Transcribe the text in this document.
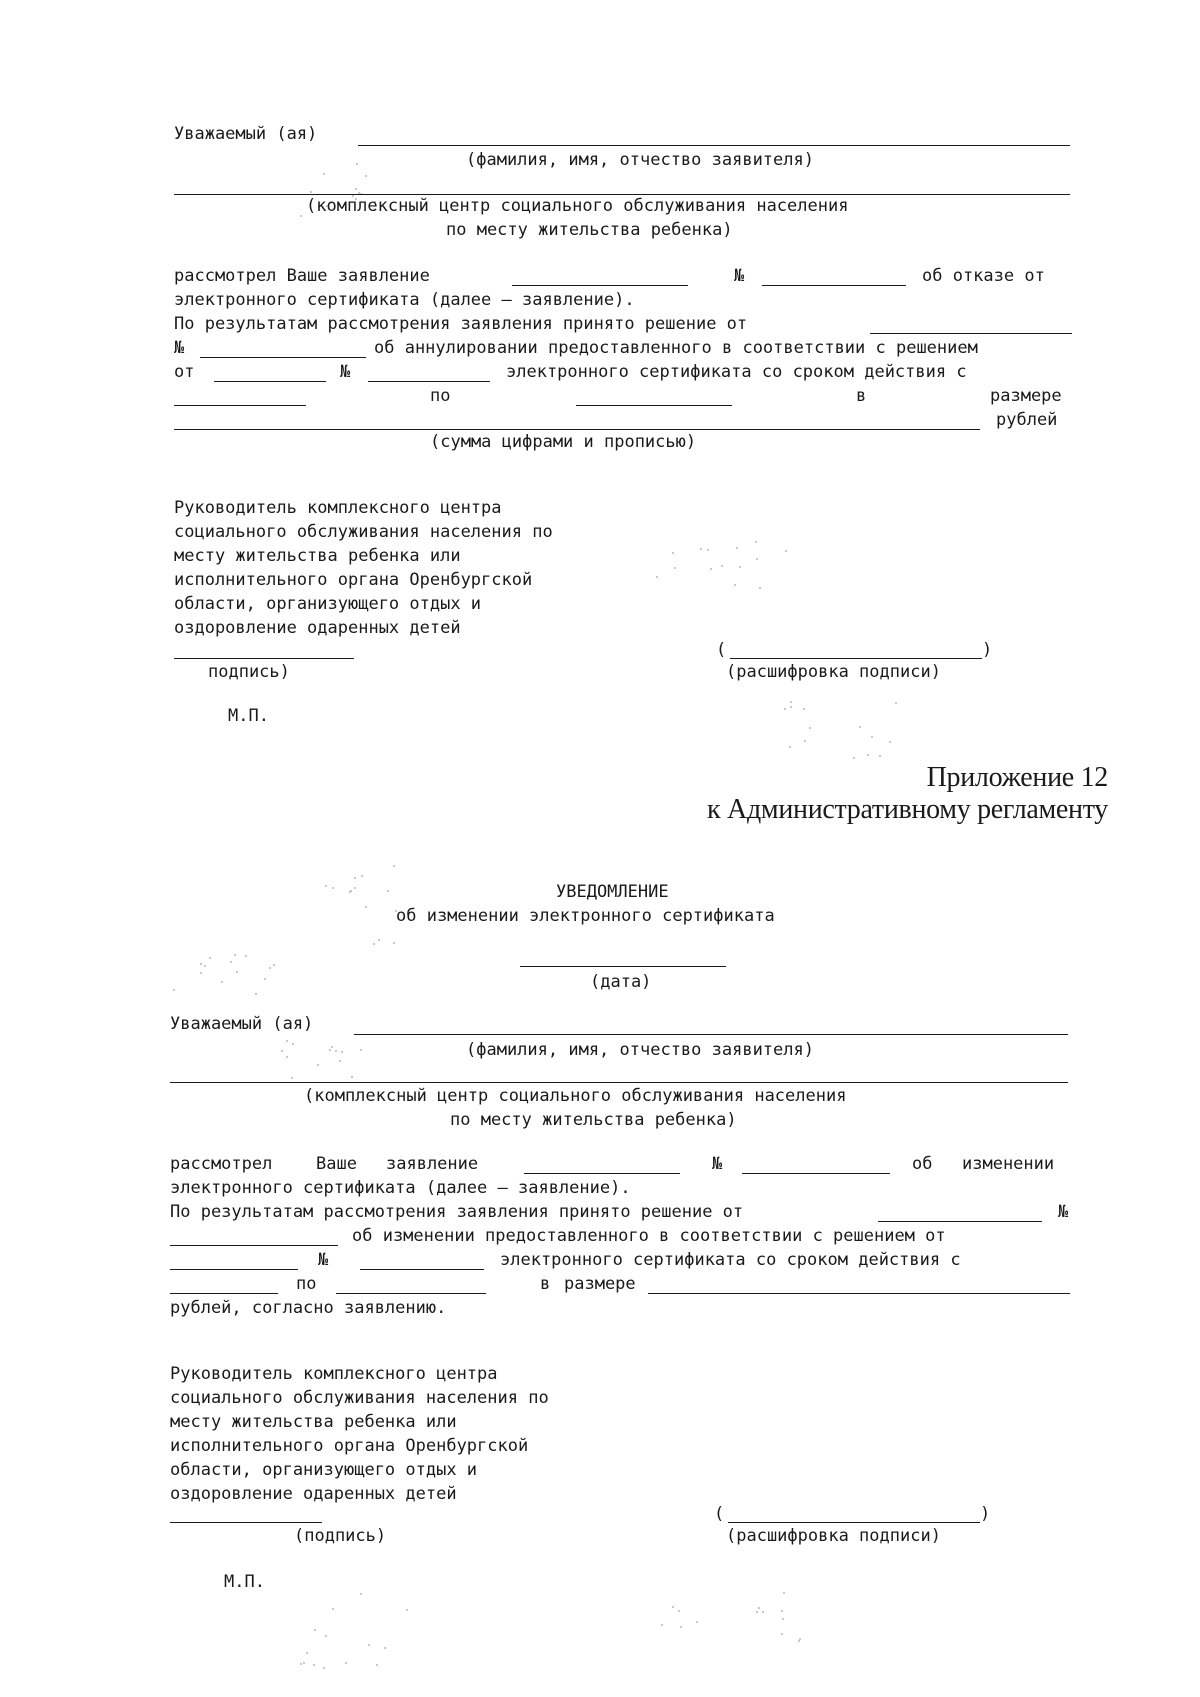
Уважаемый (ая)
(фамилия, имя, отчество заявителя)
(комплексный центр социального обслуживания населения
по месту жительства ребенка)
рассмотрел Ваше заявление	№	об отказе от
электронного сертификата (далее – заявление).
По результатам рассмотрения заявления принято решение от
№	об аннулировании предоставленного в соответствии с решением
от	№	электронного сертификата со сроком действия с
по	в	размере
рублей
(сумма цифрами и прописью)
Руководитель комплексного центра
социального обслуживания населения по
месту жительства ребенка или
исполнительного органа Оренбургской
области, организующего отдых и
оздоровление одаренных детей
подпись)
(	)
(расшифровка подписи)
М.П.
Приложение 12
к Административному регламенту
УВЕДОМЛЕНИЕ
об изменении электронного сертификата
(дата)
Уважаемый (ая)
(фамилия, имя, отчество заявителя)
(комплексный центр социального обслуживания населения
по месту жительства ребенка)
рассмотрел	Ваше заявление	№	об изменении
электронного сертификата (далее – заявление).
По результатам рассмотрения заявления принято решение от	№
об изменении предоставленного в соответствии с решением от
№	электронного сертификата со сроком действия с
по	в размере
рублей, согласно заявлению.
Руководитель комплексного центра
социального обслуживания населения по
месту жительства ребенка или
исполнительного органа Оренбургской
области, организующего отдых и
оздоровление одаренных детей
(подпись)
(	)
(расшифровка подписи)
М.П.
